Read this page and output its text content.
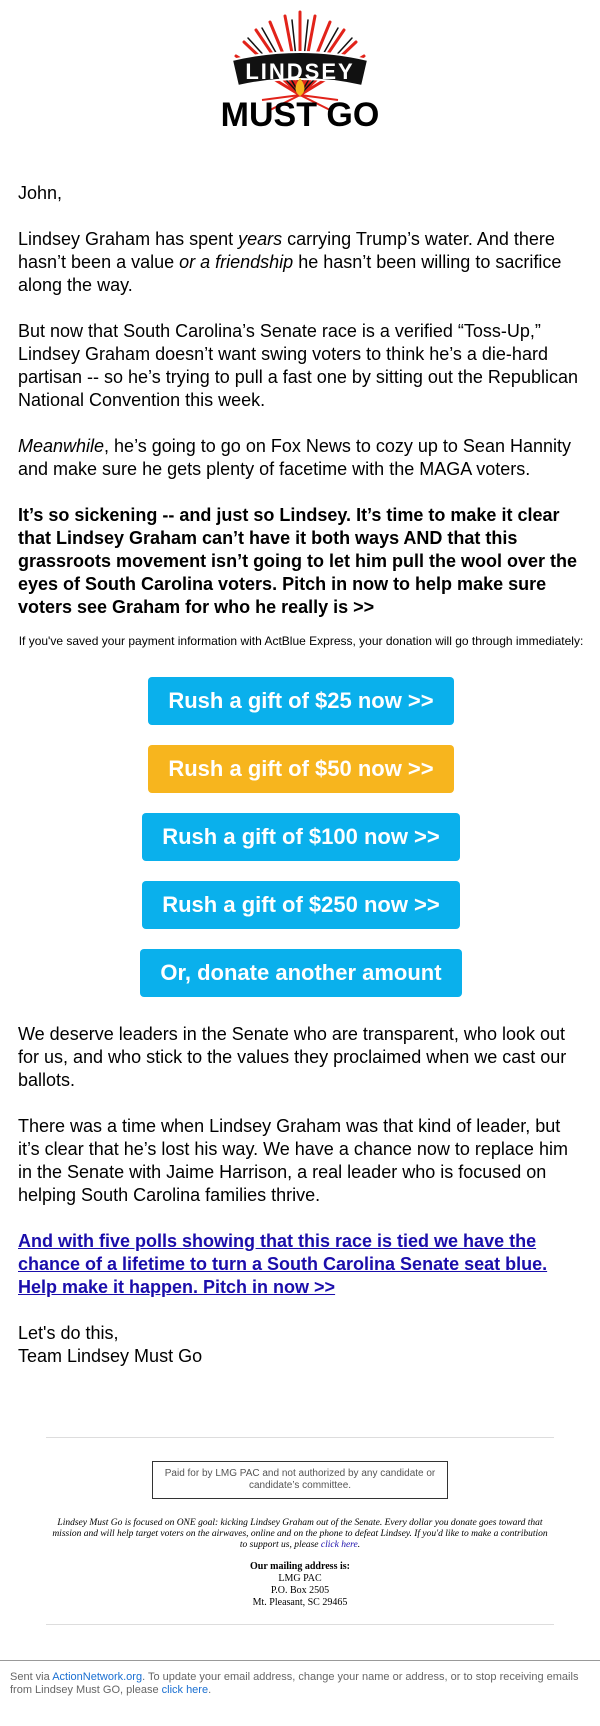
LINDSEY
MUST GO

John,

Lindsey Graham has spent years carrying Trump’s water. And there hasn’t been a value or a friendship he hasn’t been willing to sacrifice along the way.

But now that South Carolina’s Senate race is a verified “Toss-Up,” Lindsey Graham doesn’t want swing voters to think he’s a die-hard partisan -- so he’s trying to pull a fast one by sitting out the Republican National Convention this week.

Meanwhile, he’s going to go on Fox News to cozy up to Sean Hannity and make sure he gets plenty of facetime with the MAGA voters.

It’s so sickening -- and just so Lindsey. It’s time to make it clear that Lindsey Graham can’t have it both ways AND that this grassroots movement isn’t going to let him pull the wool over the eyes of South Carolina voters. Pitch in now to help make sure voters see Graham for who he really is >>

If you've saved your payment information with ActBlue Express, your donation will go through immediately:

Rush a gift of $25 now >>
Rush a gift of $50 now >>
Rush a gift of $100 now >>
Rush a gift of $250 now >>
Or, donate another amount

We deserve leaders in the Senate who are transparent, who look out for us, and who stick to the values they proclaimed when we cast our ballots.

There was a time when Lindsey Graham was that kind of leader, but it’s clear that he’s lost his way. We have a chance now to replace him in the Senate with Jaime Harrison, a real leader who is focused on helping South Carolina families thrive.

And with five polls showing that this race is tied we have the chance of a lifetime to turn a South Carolina Senate seat blue. Help make it happen. Pitch in now >>

Let's do this,
Team Lindsey Must Go

Paid for by LMG PAC and not authorized by any candidate or candidate’s committee.
Lindsey Must Go is focused on ONE goal: kicking Lindsey Graham out of the Senate. Every dollar you donate goes toward that mission and will help target voters on the airwaves, online and on the phone to defeat Lindsey. If you'd like to make a contribution to support us, please click here.
Our mailing address is:
LMG PAC
P.O. Box 2505
Mt. Pleasant, SC 29465
Sent via ActionNetwork.org. To update your email address, change your name or address, or to stop receiving emails from Lindsey Must GO, please click here.
